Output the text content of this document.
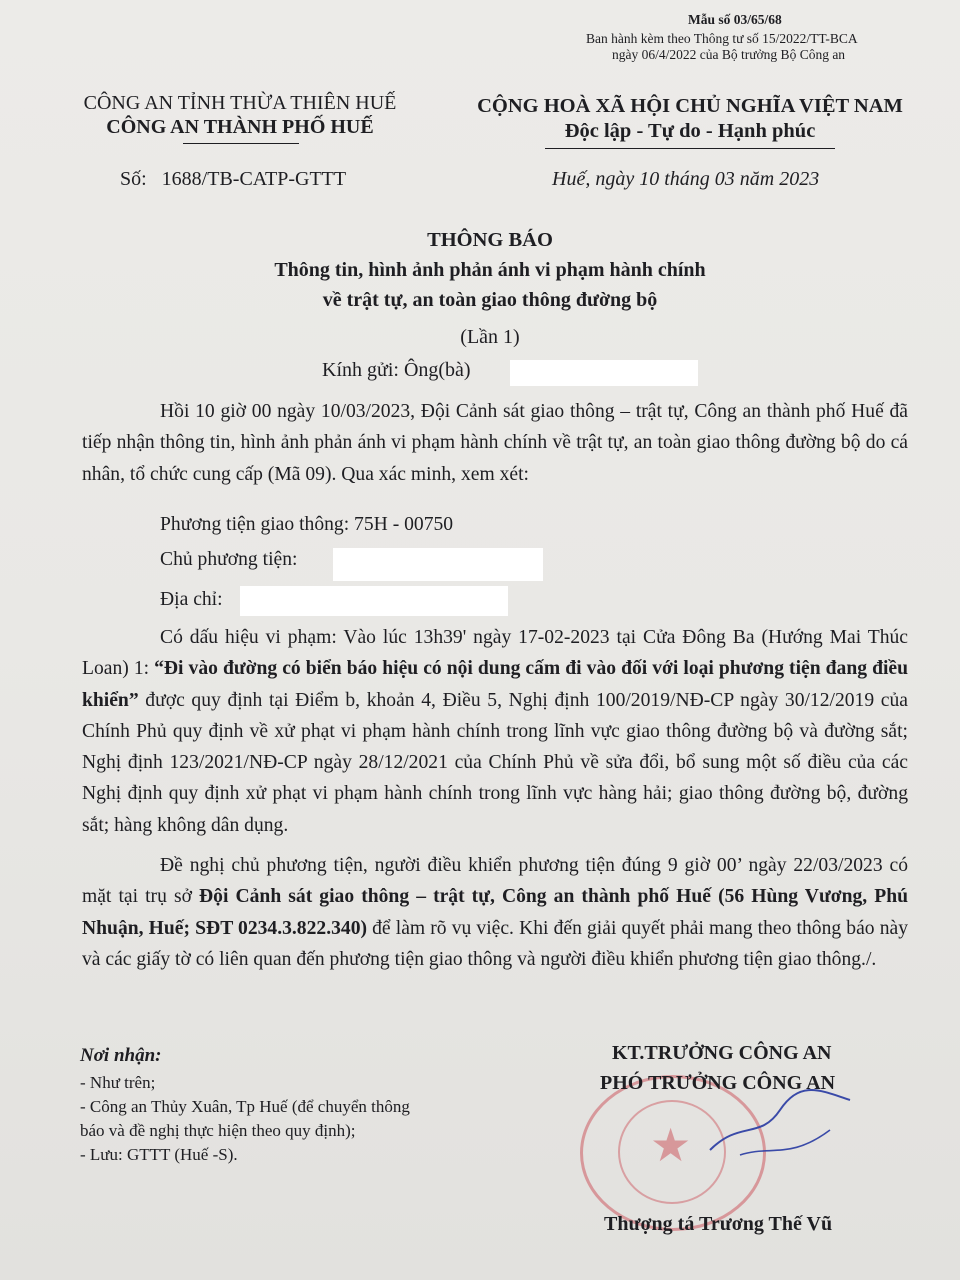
Mẫu số 03/65/68
Ban hành kèm theo Thông tư số 15/2022/TT-BCA
ngày 06/4/2022 của Bộ trưởng Bộ Công an
CÔNG AN TỈNH THỪA THIÊN HUẾ
CÔNG AN THÀNH PHỐ HUẾ
Số:   1688/TB-CATP-GTTT
CỘNG HOÀ XÃ HỘI CHỦ NGHĨA VIỆT NAM
Độc lập - Tự do - Hạnh phúc
Huế, ngày 10 tháng 03 năm 2023
THÔNG BÁO
Thông tin, hình ảnh phản ánh vi phạm hành chính
về trật tự, an toàn giao thông đường bộ
(Lần 1)
Kính gửi: Ông(bà)
Hồi 10 giờ 00 ngày 10/03/2023, Đội Cảnh sát giao thông – trật tự, Công an thành phố Huế đã tiếp nhận thông tin, hình ảnh phản ánh vi phạm hành chính về trật tự, an toàn giao thông đường bộ do cá nhân, tổ chức cung cấp (Mã 09). Qua xác minh, xem xét:
Phương tiện giao thông: 75H - 00750
Chủ phương tiện:
Địa chỉ:
Có dấu hiệu vi phạm: Vào lúc 13h39' ngày 17-02-2023 tại Cửa Đông Ba (Hướng Mai Thúc Loan) 1: “Đi vào đường có biển báo hiệu có nội dung cấm đi vào đối với loại phương tiện đang điều khiển” được quy định tại Điểm b, khoản 4, Điều 5, Nghị định 100/2019/NĐ-CP ngày 30/12/2019 của Chính Phủ quy định về xử phạt vi phạm hành chính trong lĩnh vực giao thông đường bộ và đường sắt; Nghị định 123/2021/NĐ-CP ngày 28/12/2021 của Chính Phủ về sửa đổi, bổ sung một số điều của các Nghị định quy định xử phạt vi phạm hành chính trong lĩnh vực hàng hải; giao thông đường bộ, đường sắt; hàng không dân dụng.
Đề nghị chủ phương tiện, người điều khiển phương tiện đúng 9 giờ 00’ ngày 22/03/2023 có mặt tại trụ sở Đội Cảnh sát giao thông – trật tự, Công an thành phố Huế (56 Hùng Vương, Phú Nhuận, Huế; SĐT 0234.3.822.340) để làm rõ vụ việc. Khi đến giải quyết phải mang theo thông báo này và các giấy tờ có liên quan đến phương tiện giao thông và người điều khiển phương tiện giao thông./.
Nơi nhận:
- Như trên;
- Công an Thủy Xuân, Tp Huế (để chuyển thông
báo và đề nghị thực hiện theo quy định);
- Lưu: GTTT (Huế -S).	★
KT.TRƯỞNG CÔNG AN
PHÓ TRƯỞNG CÔNG AN
Thượng tá Trương Thế Vũ
